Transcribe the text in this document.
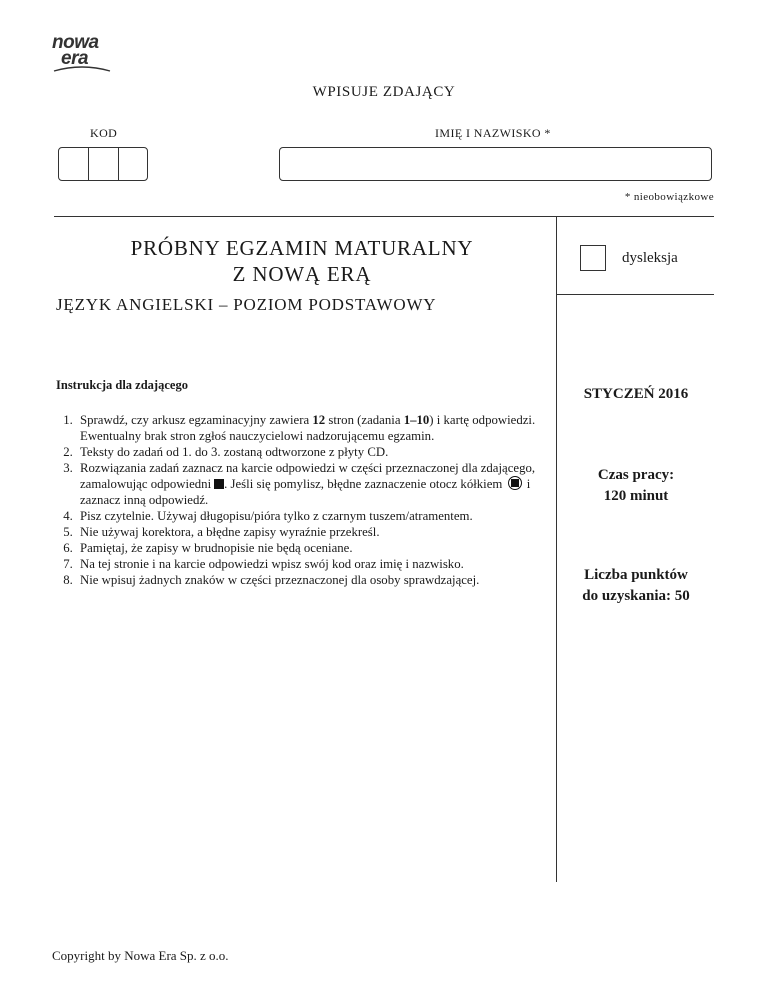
nowa
era
WPISUJE ZDAJĄCY
KOD	IMIĘ I NAZWISKO *
* nieobowiązkowe
PRÓBNY EGZAMIN MATURALNY
Z NOWĄ ERĄ
JĘZYK ANGIELSKI – POZIOM PODSTAWOWY
dysleksja
STYCZEŃ 2016
Czas pracy:
120 minut
Liczba punktów
do uzyskania: 50
Instrukcja dla zdającego
1. Sprawdź, czy arkusz egzaminacyjny zawiera 12 stron (zadania 1–10) i kartę odpowiedzi. Ewentualny brak stron zgłoś nauczycielowi nadzorującemu egzamin.
2. Teksty do zadań od 1. do 3. zostaną odtworzone z płyty CD.
3. Rozwiązania zadań zaznacz na karcie odpowiedzi w części przeznaczonej dla zdającego, zamalowując odpowiedni . Jeśli się pomylisz, błędne zaznaczenie otocz kółkiem i zaznacz inną odpowiedź.
4. Pisz czytelnie. Używaj długopisu/pióra tylko z czarnym tuszem/atramentem.
5. Nie używaj korektora, a błędne zapisy wyraźnie przekreśl.
6. Pamiętaj, że zapisy w brudnopisie nie będą oceniane.
7. Na tej stronie i na karcie odpowiedzi wpisz swój kod oraz imię i nazwisko.
8. Nie wpisuj żadnych znaków w części przeznaczonej dla osoby sprawdzającej.
Copyright by Nowa Era Sp. z o.o.
